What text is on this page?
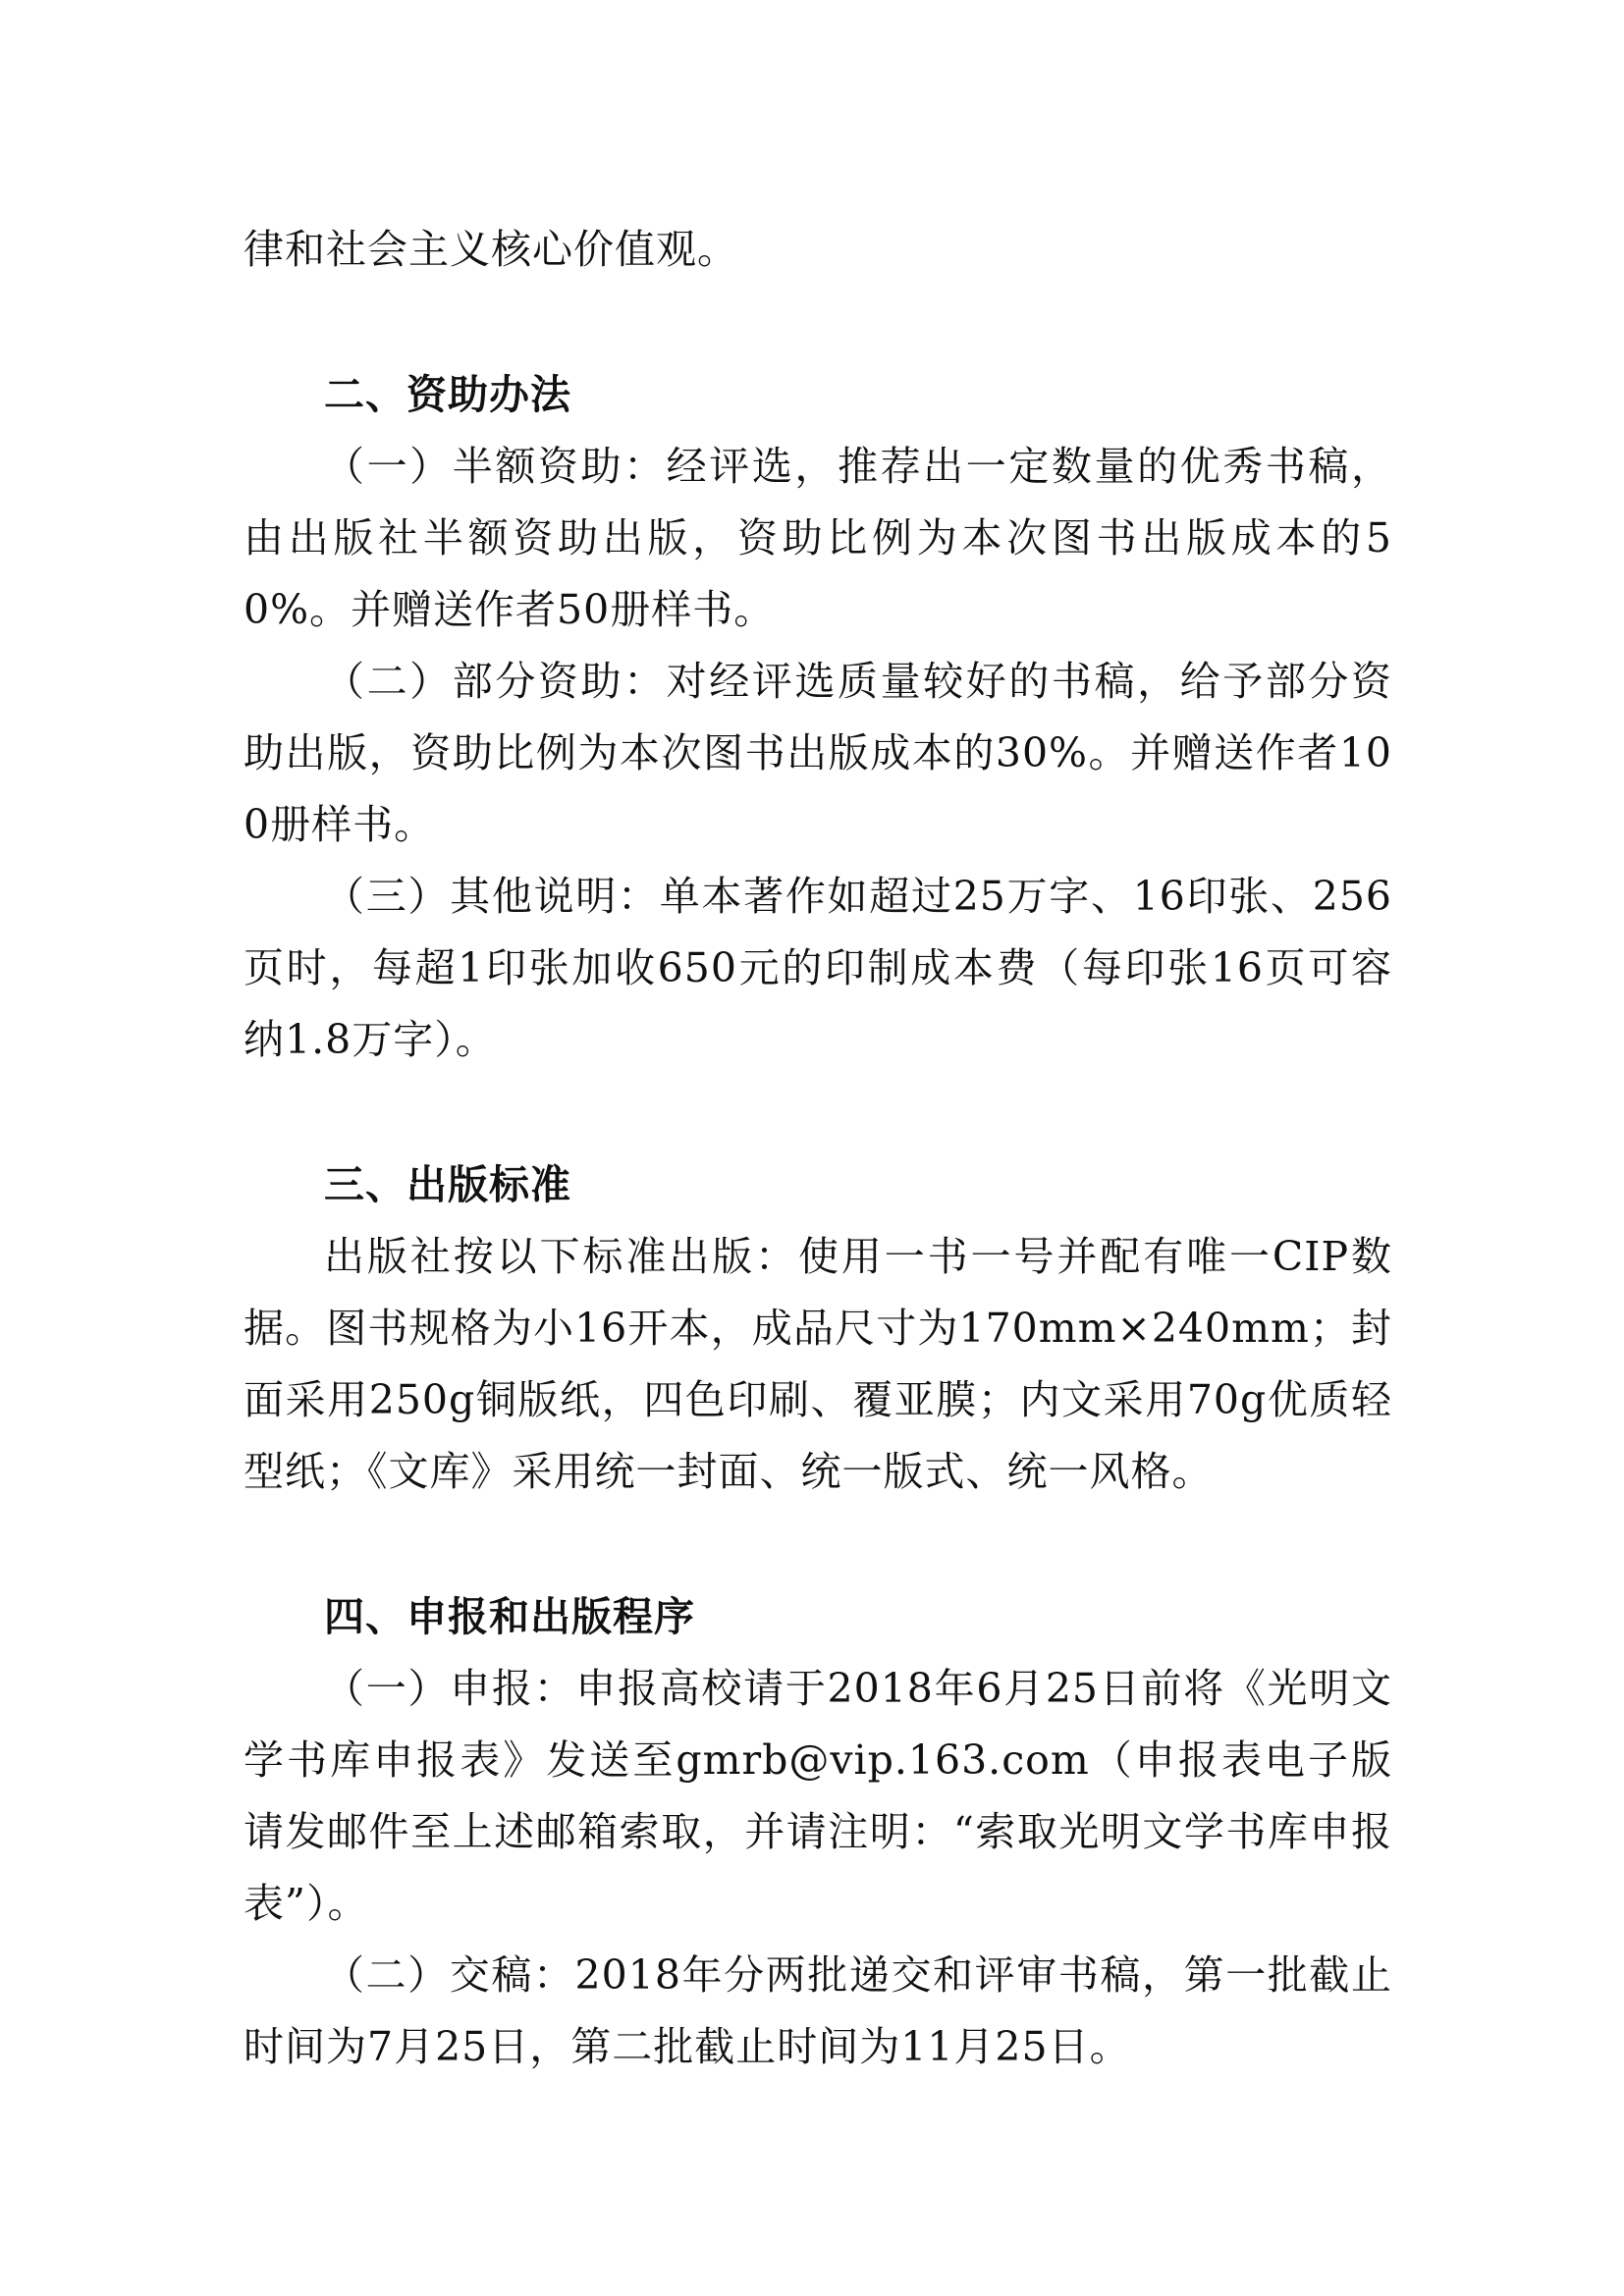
律和社会主义核心价值观。

二、资助办法

（一）半额资助：经评选，推荐出一定数量的优秀书稿，由出版社半额资助出版，资助比例为本次图书出版成本的50%。并赠送作者50册样书。

（二）部分资助：对经评选质量较好的书稿，给予部分资助出版，资助比例为本次图书出版成本的30%。并赠送作者100册样书。

（三）其他说明：单本著作如超过25万字、16印张、256页时，每超1印张加收650元的印制成本费（每印张16页可容纳1.8万字）。

三、出版标准

出版社按以下标准出版：使用一书一号并配有唯一CIP数据。图书规格为小16开本，成品尺寸为170mm×240mm；封面采用250g铜版纸，四色印刷、覆亚膜；内文采用70g优质轻型纸；《文库》采用统一封面、统一版式、统一风格。

四、申报和出版程序

（一）申报：申报高校请于2018年6月25日前将《光明文学书库申报表》发送至gmrb@vip.163.com（申报表电子版请发邮件至上述邮箱索取，并请注明：“索取光明文学书库申报表”）。

（二）交稿：2018年分两批递交和评审书稿，第一批截止时间为7月25日，第二批截止时间为11月25日。
